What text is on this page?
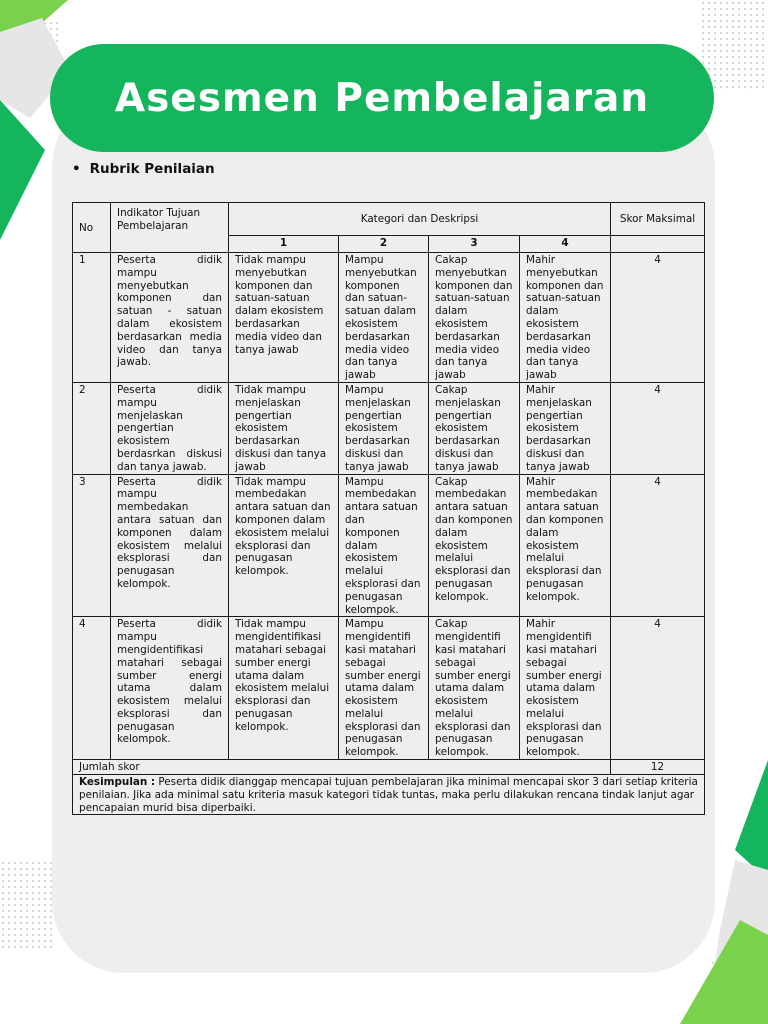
Asesmen Pembelajaran
• Rubrik Penilaian
No	Indikator Tujuan Pembelajaran	Kategori dan Deskripsi				Skor Maksimal
		1	2	3	4	
1	Peserta didik mampu menyebutkan komponen dan satuan - satuan dalam ekosistem berdasarkan media video dan tanya jawab.	Tidak mampu menyebutkan komponen dan satuan-satuan dalam ekosistem berdasarkan media video dan tanya jawab	Mampu menyebutkan komponen dan satuan-satuan dalam ekosistem berdasarkan media video dan tanya jawab	Cakap menyebutkan komponen dan satuan-satuan dalam ekosistem berdasarkan media video dan tanya jawab	Mahir menyebutkan komponen dan satuan-satuan dalam ekosistem berdasarkan media video dan tanya jawab	4
2	Peserta didik mampu menjelaskan pengertian ekosistem berdasrkan diskusi dan tanya jawab.	Tidak mampu menjelaskan pengertian ekosistem berdasarkan diskusi dan tanya jawab	Mampu menjelaskan pengertian ekosistem berdasarkan diskusi dan tanya jawab	Cakap menjelaskan pengertian ekosistem berdasarkan diskusi dan tanya jawab	Mahir menjelaskan pengertian ekosistem berdasarkan diskusi dan tanya jawab	4
3	Peserta didik mampu membedakan antara satuan dan komponen dalam ekosistem melalui eksplorasi dan penugasan kelompok.	Tidak mampu membedakan antara satuan dan komponen dalam ekosistem melalui eksplorasi dan penugasan kelompok.	Mampu membedakan antara satuan dan komponen dalam ekosistem melalui eksplorasi dan penugasan kelompok.	Cakap membedakan antara satuan dan komponen dalam ekosistem melalui eksplorasi dan penugasan kelompok.	Mahir membedakan antara satuan dan komponen dalam ekosistem melalui eksplorasi dan penugasan kelompok.	4
4	Peserta didik mampu mengidentifikasi matahari sebagai sumber energi utama dalam ekosistem melalui eksplorasi dan penugasan kelompok.	Tidak mampu mengidentifikasi matahari sebagai sumber energi utama dalam ekosistem melalui eksplorasi dan penugasan kelompok.	Mampu mengidentifi kasi matahari sebagai sumber energi utama dalam ekosistem melalui eksplorasi dan penugasan kelompok.	Cakap mengidentifi kasi matahari sebagai sumber energi utama dalam ekosistem melalui eksplorasi dan penugasan kelompok.	Mahir mengidentifi kasi matahari sebagai sumber energi utama dalam ekosistem melalui eksplorasi dan penugasan kelompok.	4
Jumlah skor						12
Kesimpulan : Peserta didik dianggap mencapai tujuan pembelajaran jika minimal mencapai skor 3 dari setiap kriteria penilaian. Jika ada minimal satu kriteria masuk kategori tidak tuntas, maka perlu dilakukan rencana tindak lanjut agar pencapaian murid bisa diperbaiki.						
